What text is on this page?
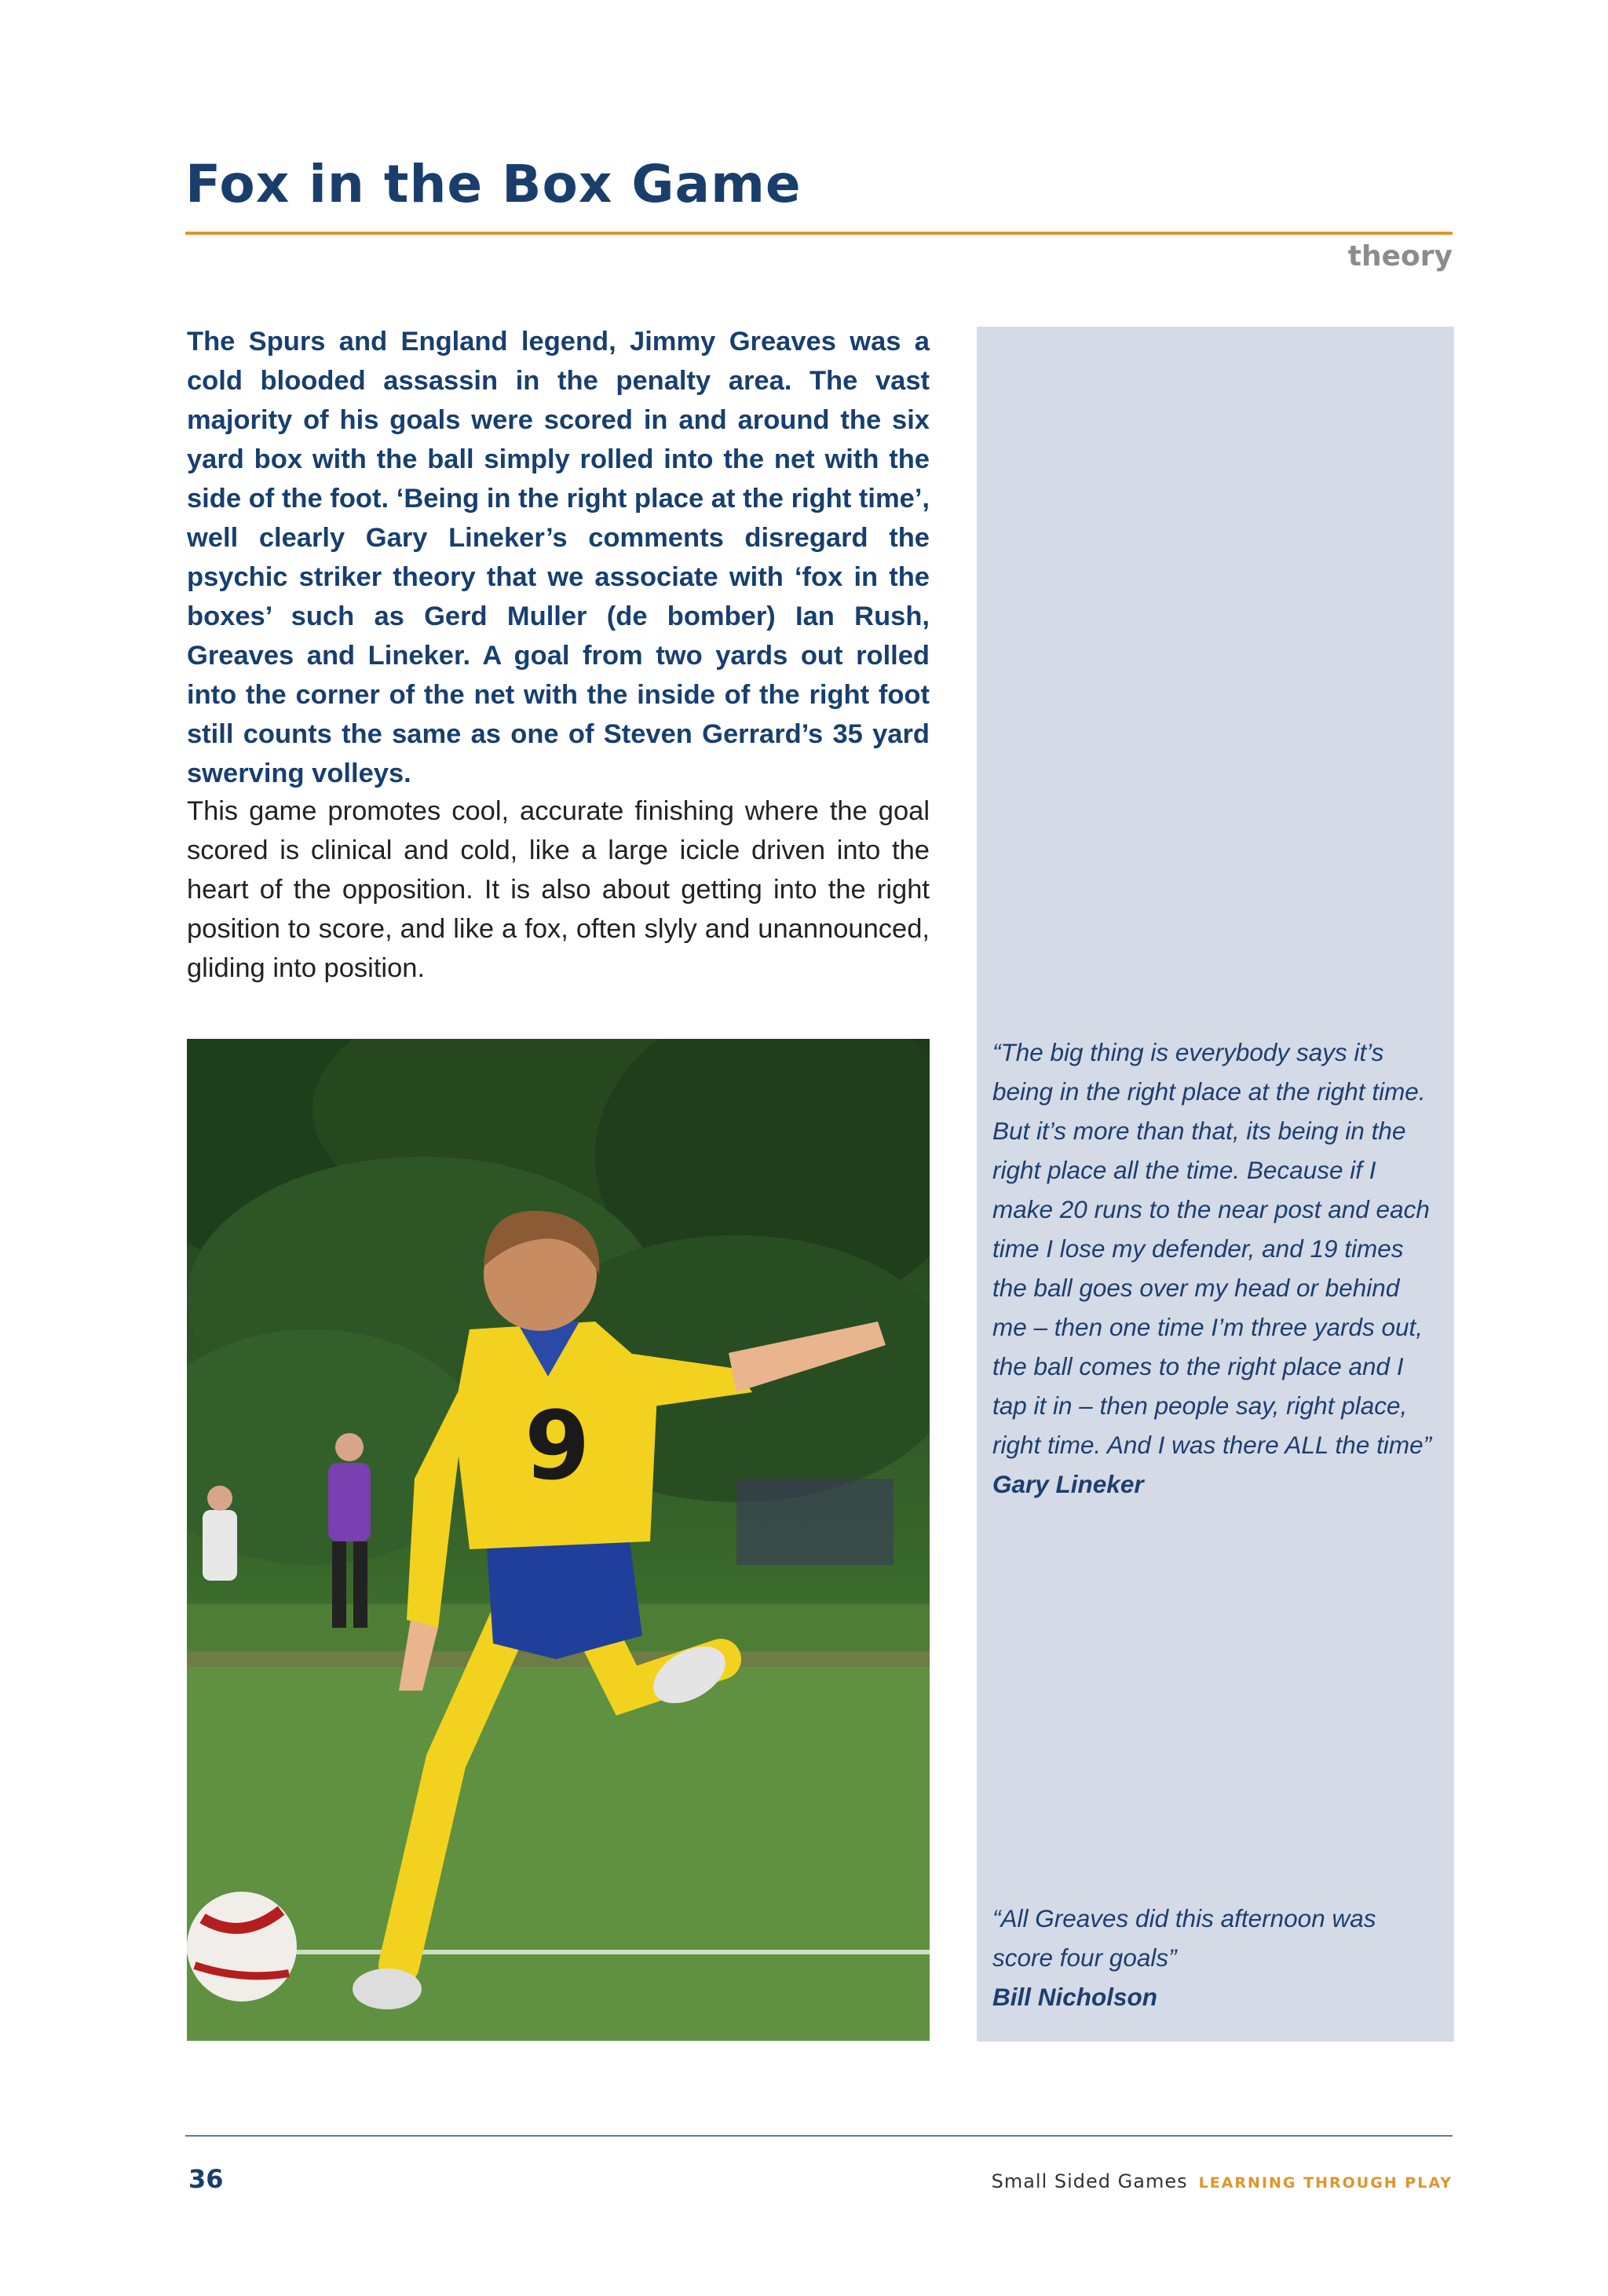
Fox in the Box Game
theory

The Spurs and England legend, Jimmy Greaves was a cold blooded assassin in the penalty area. The vast majority of his goals were scored in and around the six yard box with the ball simply rolled into the net with the side of the foot. ‘Being in the right place at the right time’, well clearly Gary Lineker’s comments disregard the psychic striker theory that we associate with ‘fox in the boxes’ such as Gerd Muller (de bomber) Ian Rush, Greaves and Lineker. A goal from two yards out rolled into the corner of the net with the inside of the right foot still counts the same as one of Steven Gerrard’s 35 yard swerving volleys.

This game promotes cool, accurate finishing where the goal scored is clinical and cold, like a large icicle driven into the heart of the opposition. It is also about getting into the right position to score, and like a fox, often slyly and unannounced, gliding into position.

9

“The big thing is everybody says it’s being in the right place at the right time. But it’s more than that, its being in the right place all the time. Because if I make 20 runs to the near post and each time I lose my defender, and 19 times the ball goes over my head or behind me – then one time I’m three yards out, the ball comes to the right place and I tap it in – then people say, right place, right time. And I was there ALL the time”
Gary Lineker

“All Greaves did this afternoon was score four goals”
Bill Nicholson

36	Small Sided Games LEARNING THROUGH PLAY
